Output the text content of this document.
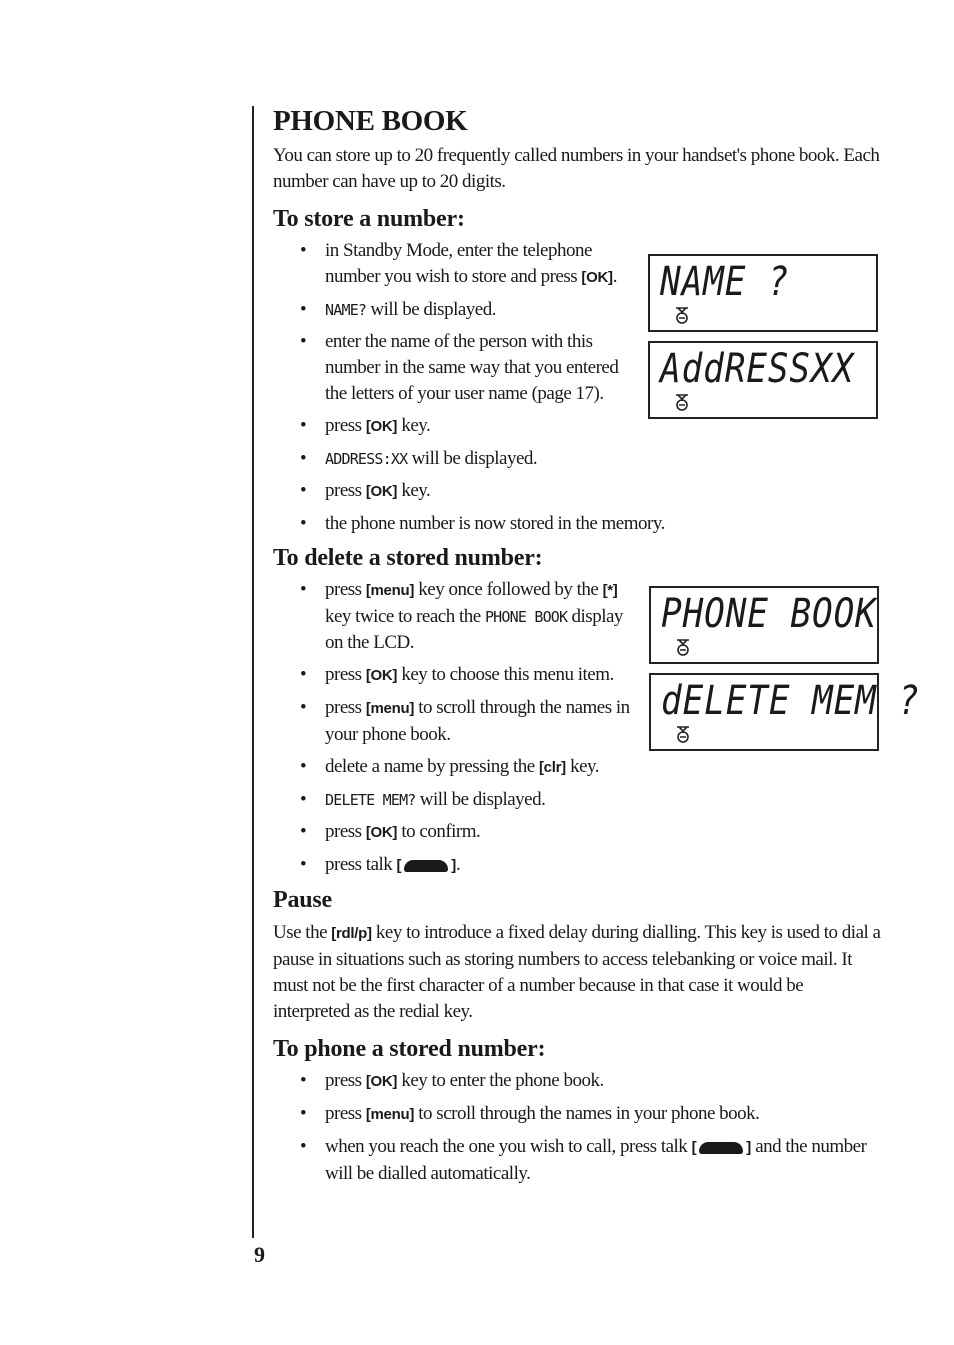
PHONE BOOK

You can store up to 20 frequently called numbers in your handset's phone book. Each number can have up to 20 digits.

To store a number:
• in Standby Mode, enter the telephone number you wish to store and press [OK].
• NAME? will be displayed.
• enter the name of the person with this number in the same way that you entered the letters of your user name (page 17).
• press [OK] key.
• ADDRESS:XX will be displayed.
• press [OK] key.
• the phone number is now stored in the memory.
To delete a stored number:
• press [menu] key once followed by the [*] key twice to reach the PHONE BOOK display on the LCD.
• press [OK] key to choose this menu item.
• press [menu] to scroll through the names in your phone book.
• delete a name by pressing the [clr] key.
• DELETE MEM? will be displayed.
• press [OK] to confirm.
• press talk [	].
Pause

Use the [rdl/p] key to introduce a fixed delay during dialling. This key is used to dial a pause in situations such as storing numbers to access telebanking or voice mail. It must not be the first character of a number because in that case it would be interpreted as the redial key.

To phone a stored number:
• press [OK] key to enter the phone book.
• press [menu] to scroll through the names in your phone book.
• when you reach the one you wish to call, press talk [	] and the number will be dialled automatically.
NAME ?
AddRESSXX
PHONE BOOK
dELETE MEM ?
9
